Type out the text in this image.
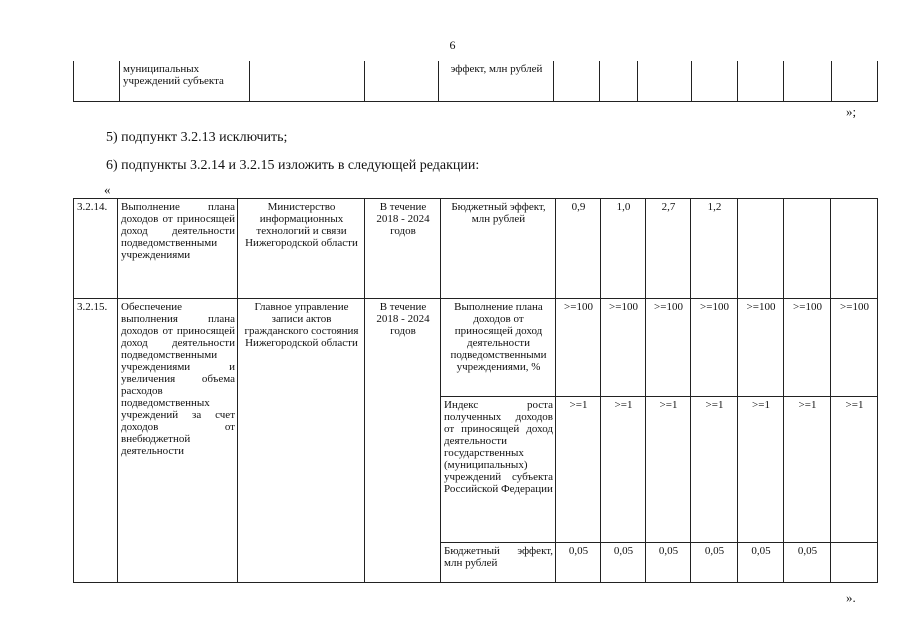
6
	муниципальных учреждений субъекта			эффект, млн рублей							
»;
5) подпункт 3.2.13 исключить;
6) подпункты 3.2.14 и 3.2.15 изложить в следующей редакции:
«
3.2.14.	Выполнение плана доходов от приносящей доход деятельности подведомственными учреждениями	Министерство информационных технологий и связи Нижегородской области	В течение 2018 - 2024 годов	Бюджетный эффект, млн рублей	0,9	1,0	2,7	1,2			
3.2.15.	Обеспечение выполнения плана доходов от приносящей доход деятельности подведомственными учреждениями и увеличения объема расходов подведомственных учреждений за счет доходов от внебюджетной деятельности	Главное управление записи актов гражданского состояния Нижегородской области	В течение 2018 - 2024 годов	Выполнение плана доходов от приносящей доход деятельности подведомственными учреждениями, %	>=100	>=100	>=100	>=100	>=100	>=100	>=100
				Индекс роста полученных доходов от приносящей доход деятельности государственных (муниципальных) учреждений субъекта Российской Федерации	>=1	>=1	>=1	>=1	>=1	>=1	>=1
				Бюджетный эффект, млн рублей	0,05	0,05	0,05	0,05	0,05	0,05	
».
